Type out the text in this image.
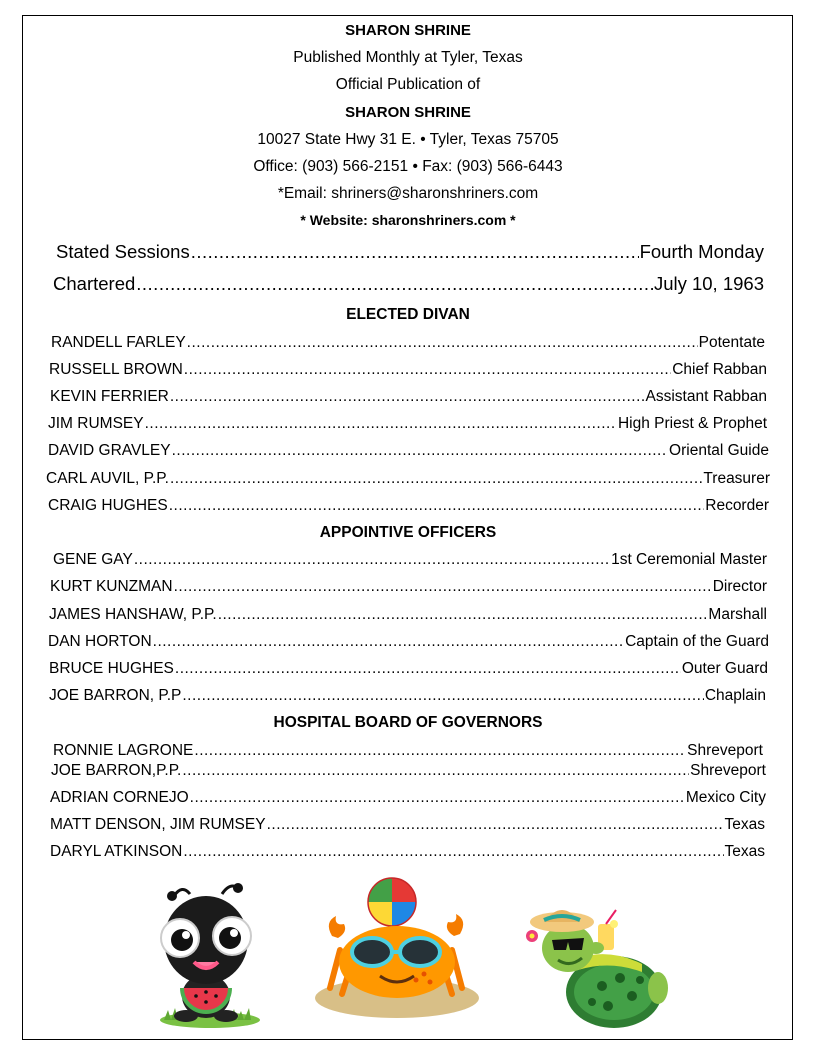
SHARON SHRINE
Published Monthly at Tyler, Texas
Official Publication of
SHARON SHRINE
10027 State Hwy 31 E. • Tyler, Texas 75705
Office: (903) 566-2151 • Fax: (903) 566-6443
*Email: shriners@sharonshriners.com
* Website: sharonshriners.com *
Stated Sessions .....	Fourth Monday
Chartered .....	July 10, 1963
ELECTED DIVAN
RANDELL FARLEY .....	Potentate
RUSSELL BROWN .....	Chief Rabban
KEVIN FERRIER .....	Assistant Rabban
JIM RUMSEY .....	High Priest & Prophet
DAVID GRAVLEY .....	Oriental Guide
CARL AUVIL, P.P. .....	Treasurer
CRAIG HUGHES .....	Recorder
APPOINTIVE OFFICERS
GENE GAY .....	1st Ceremonial Master
KURT KUNZMAN .....	Director
JAMES HANSHAW, P.P. .....	Marshall
DAN HORTON .....	Captain of the Guard
BRUCE HUGHES .....	Outer Guard
JOE BARRON, P.P .....	Chaplain
HOSPITAL BOARD OF GOVERNORS
RONNIE LAGRONE .....	Shreveport
JOE BARRON,P.P. .....	Shreveport
ADRIAN CORNEJO .....	Mexico City
MATT DENSON, JIM RUMSEY .....	Texas
DARYL ATKINSON .....	Texas
